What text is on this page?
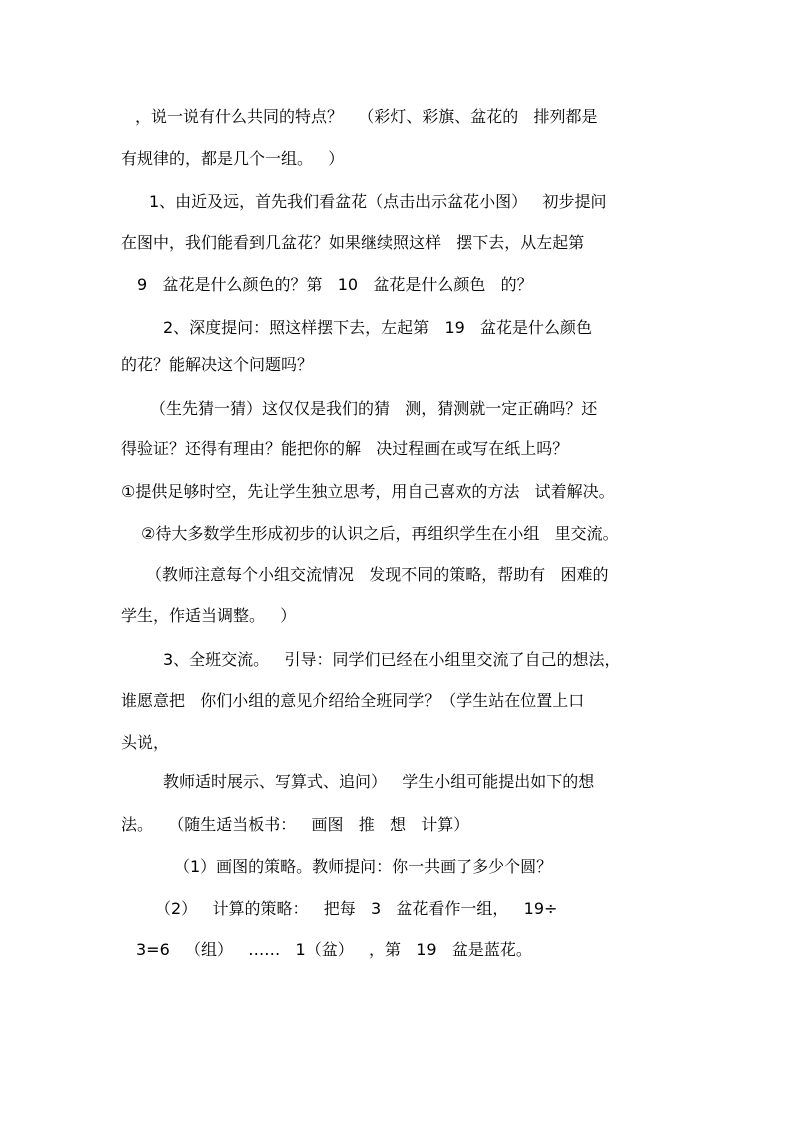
，说一说有什么共同的特点？   （彩灯、彩旗、盆花的   排列都是
有规律的，都是几个一组。   ）
1、由近及远，首先我们看盆花（点击出示盆花小图）   初步提问
在图中，我们能看到几盆花？如果继续照这样   摆下去，从左起第
9   盆花是什么颜色的？第   10   盆花是什么颜色   的？
2、深度提问：照这样摆下去，左起第   19   盆花是什么颜色
的花？能解决这个问题吗？
（生先猜一猜）这仅仅是我们的猜   测，猜测就一定正确吗？还
得验证？还得有理由？能把你的解   决过程画在或写在纸上吗？
①提供足够时空，先让学生独立思考，用自己喜欢的方法   试着解决。
②待大多数学生形成初步的认识之后，再组织学生在小组   里交流。
（教师注意每个小组交流情况   发现不同的策略，帮助有   困难的
学生，作适当调整。   ）
3、全班交流。   引导：同学们已经在小组里交流了自己的想法，
谁愿意把   你们小组的意见介绍给全班同学？（学生站在位置上口
头说，
教师适时展示、写算式、追问）   学生小组可能提出如下的想
法。   （随生适当板书：   画图   推   想   计算）
（1）画图的策略。教师提问：你一共画了多少个圆？
（2）   计算的策略：   把每   3   盆花看作一组，   19÷
3=6   （组）   ……   1（盆）   ，第   19   盆是蓝花。
